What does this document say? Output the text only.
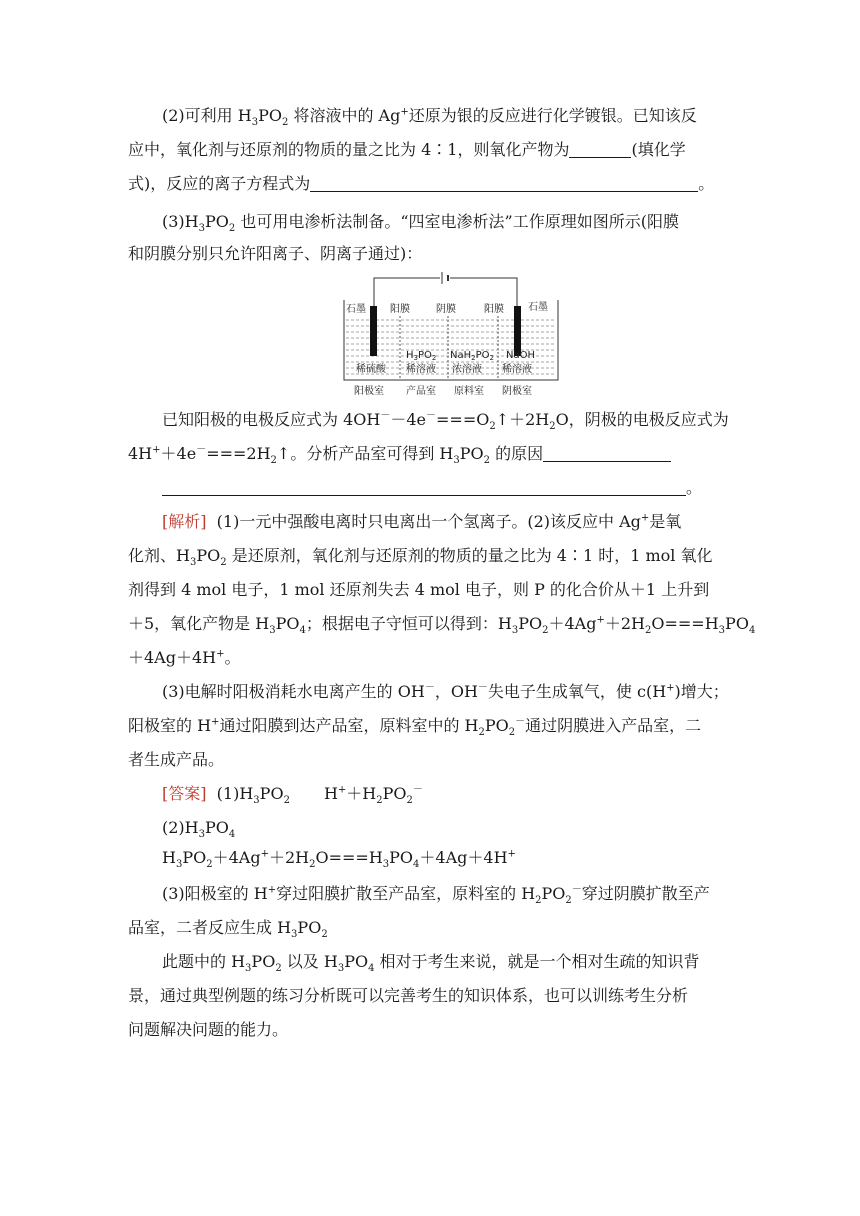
(2)可利用 $H_3PO_2$ 将溶液中的 Ag+还原为银的反应进行化学镀银。已知该反
应中，氧化剂与还原剂的物质的量之比为 4∶1，则氧化产物为	(填化学
式)，反应的离子方程式为	。
$(3)H_3PO_2$ 也可用电渗析法制备。“四室电渗析法”工作原理如图所示(阳膜
和阴膜分别只允许阳离子、阴离子通过)：
石墨 阳膜	阴膜	阳膜 石墨
稀硫酸
$H_3PO_2$
稀溶液
$NaH_2PO_2$
浓溶液
NaOH
稀溶液
阳极室 产品室 原料室 阴极室
已知阳极的电极反应式为 $4OH^--4e^-===O_2↑+2H_2O$，阴极的电极反应式为
$4H^++4e^-===2H_2↑$。分析产品室可得到 $H_3PO_2$ 的原因
。
[解析] (1)一元中强酸电离时只电离出一个氢离子。(2)该反应中 Ag+是氧
化剂、$H_3PO_2$ 是还原剂，氧化剂与还原剂的物质的量之比为 4∶1 时，1 mol 氧化
剂得到 4 mol 电子，1 mol 还原剂失去 4 mol 电子，则 P 的化合价从＋1 上升到
＋5，氧化产物是 $H_3PO_4$；根据电子守恒可以得到：$H_3PO_2+4Ag^++2H_2O===H_3PO_4$
＋4Ag＋4H+。
(3)电解时阳极消耗水电离产生的 OH－，OH－失电子生成氧气，使 c(H+)增大；
阳极室的 H+通过阳膜到达产品室，原料室中的 $H_2PO_2^-$通过阴膜进入产品室，二
者生成产品。
[答案] $(1)H_3PO_2$ $H^++H_2PO_2^-$
$(2)H_3PO_4$
$H_3PO_2+4Ag^++2H_2O===H_3PO_4+4Ag+4H^+$
(3)阳极室的 H+穿过阳膜扩散至产品室，原料室的 $H_2PO_2^-$穿过阴膜扩散至产
品室，二者反应生成 $H_3PO_2$
此题中的 $H_3PO_2$ 以及 $H_3PO_4$ 相对于考生来说，就是一个相对生疏的知识背
景，通过典型例题的练习分析既可以完善考生的知识体系，也可以训练考生分析
问题解决问题的能力。
